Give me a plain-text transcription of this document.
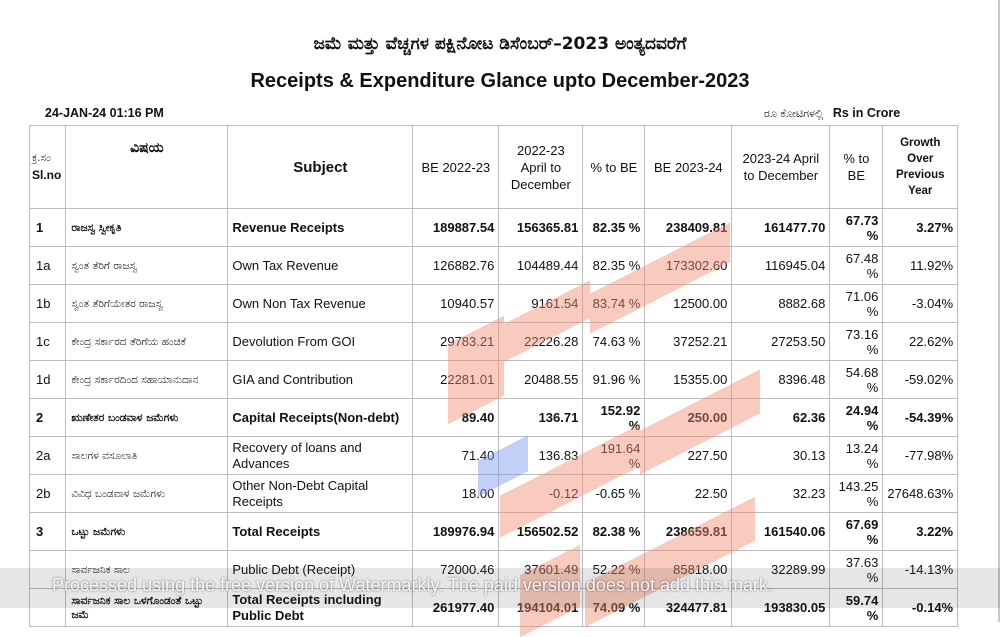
ಜಮೆ ಮತ್ತು ವೆಚ್ಚಗಳ ಪಕ್ಷಿನೋಟ ಡಿಸೆಂಬರ್–2023 ಅಂತ್ಯದವರೆಗೆ
Receipts & Expenditure Glance upto December-2023
24-JAN-24 01:16 PM	ರೂ ಕೋಟಿಗಳಲ್ಲಿ Rs in Crore
ಕ್ರ.ಸಂ
Sl.no	ವಿಷಯ	Subject	BE 2022-23	2022-23 April to December	% to BE	BE 2023-24	2023-24 April to December	% to BE	Growth Over Previous Year
1	ರಾಜಸ್ವ ಸ್ವೀಕೃತಿ	Revenue Receipts	189887.54	156365.81	82.35 %	238409.81	161477.70	67.73 %	3.27%
1a	ಸ್ವಂತ ತೆರಿಗೆ ರಾಜಸ್ವ	Own Tax Revenue	126882.76	104489.44	82.35 %	173302.60	116945.04	67.48 %	11.92%
1b	ಸ್ವಂತ ತೆರಿಗೆಯೇತರ ರಾಜಸ್ವ	Own Non Tax Revenue	10940.57	9161.54	83.74 %	12500.00	8882.68	71.06 %	-3.04%
1c	ಕೇಂದ್ರ ಸರ್ಕಾರದ ತೆರಿಗೆಯ ಹಂಚಿಕೆ	Devolution From GOI	29783.21	22226.28	74.63 %	37252.21	27253.50	73.16 %	22.62%
1d	ಕೇಂದ್ರ ಸರ್ಕಾರದಿಂದ ಸಹಾಯಾನುದಾನ	GIA and Contribution	22281.01	20488.55	91.96 %	15355.00	8396.48	54.68 %	-59.02%
2	ಋಣೇತರ ಬಂಡವಾಳ ಜಮೆಗಳು	Capital Receipts(Non-debt)	89.40	136.71	152.92 %	250.00	62.36	24.94 %	-54.39%
2a	ಸಾಲಗಳ ವಸೂಲಾತಿ	Recovery of loans and Advances	71.40	136.83	191.64 %	227.50	30.13	13.24 %	-77.98%
2b	ವಿವಿಧ ಬಂಡವಾಳ ಜಮೆಗಳು	Other Non-Debt Capital Receipts	18.00	-0.12	-0.65 %	22.50	32.23	143.25 %	27648.63%
3	ಒಟ್ಟು ಜಮೆಗಳು	Total Receipts	189976.94	156502.52	82.38 %	238659.81	161540.06	67.69 %	3.22%
	ಸಾರ್ವಜನಿಕ ಸಾಲ	Public Debt (Receipt)	72000.46	37601.49	52.22 %	85818.00	32289.99	37.63 %	-14.13%
	ಸಾರ್ವಜನಿಕ ಸಾಲ ಒಳಗೊಂಡಂತೆ ಒಟ್ಟು ಜಮೆ	Total Receipts including Public Debt	261977.40	194104.01	74.09 %	324477.81	193830.05	59.74 %	-0.14%
Processed using the free version of Watermarkly. The paid version does not add this mark.
